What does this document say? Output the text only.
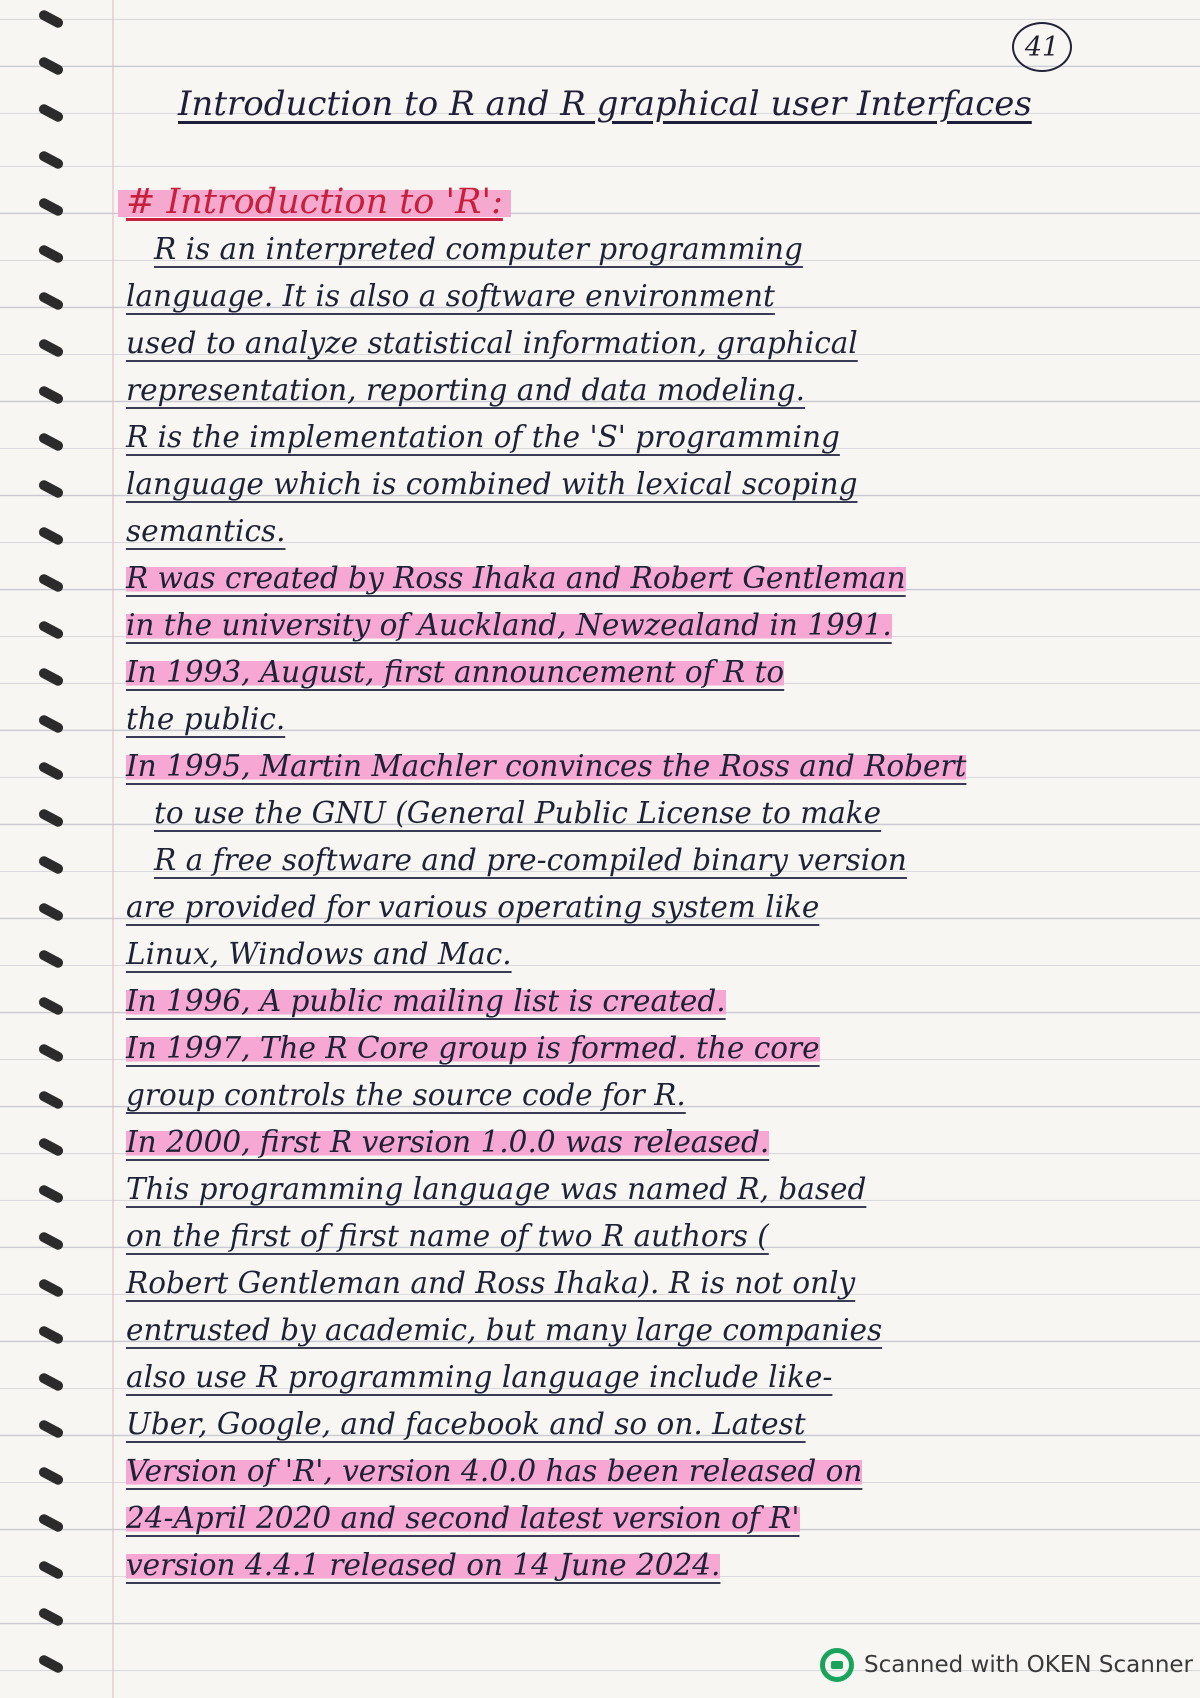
41
Introduction to R and R graphical user Interfaces
# Introduction to 'R':
R is an interpreted computer programming
language. It is also a software environment
used to analyze statistical information, graphical
representation, reporting and data modeling.
R is the implementation of the 'S' programming
language which is combined with lexical scoping
semantics.
R was created by Ross Ihaka and Robert Gentleman
in the university of Auckland, Newzealand in 1991.
In 1993, August, first announcement of R to
the public.
In 1995, Martin Machler convinces the Ross and Robert
to use the GNU (General Public License to make
R a free software and pre-compiled binary version
are provided for various operating system like
Linux, Windows and Mac.
In 1996, A public mailing list is created.
In 1997, The R Core group is formed. the core
group controls the source code for R.
In 2000, first R version 1.0.0 was released.
This programming language was named R, based
on the first of first name of two R authors (
Robert Gentleman and Ross Ihaka). R is not only
entrusted by academic, but many large companies
also use R programming language include like-
Uber, Google, and facebook and so on. Latest
Version of 'R', version 4.0.0 has been released on
24-April 2020 and second latest version of R'
version 4.4.1 released on 14 June 2024.
Scanned with OKEN Scanner
